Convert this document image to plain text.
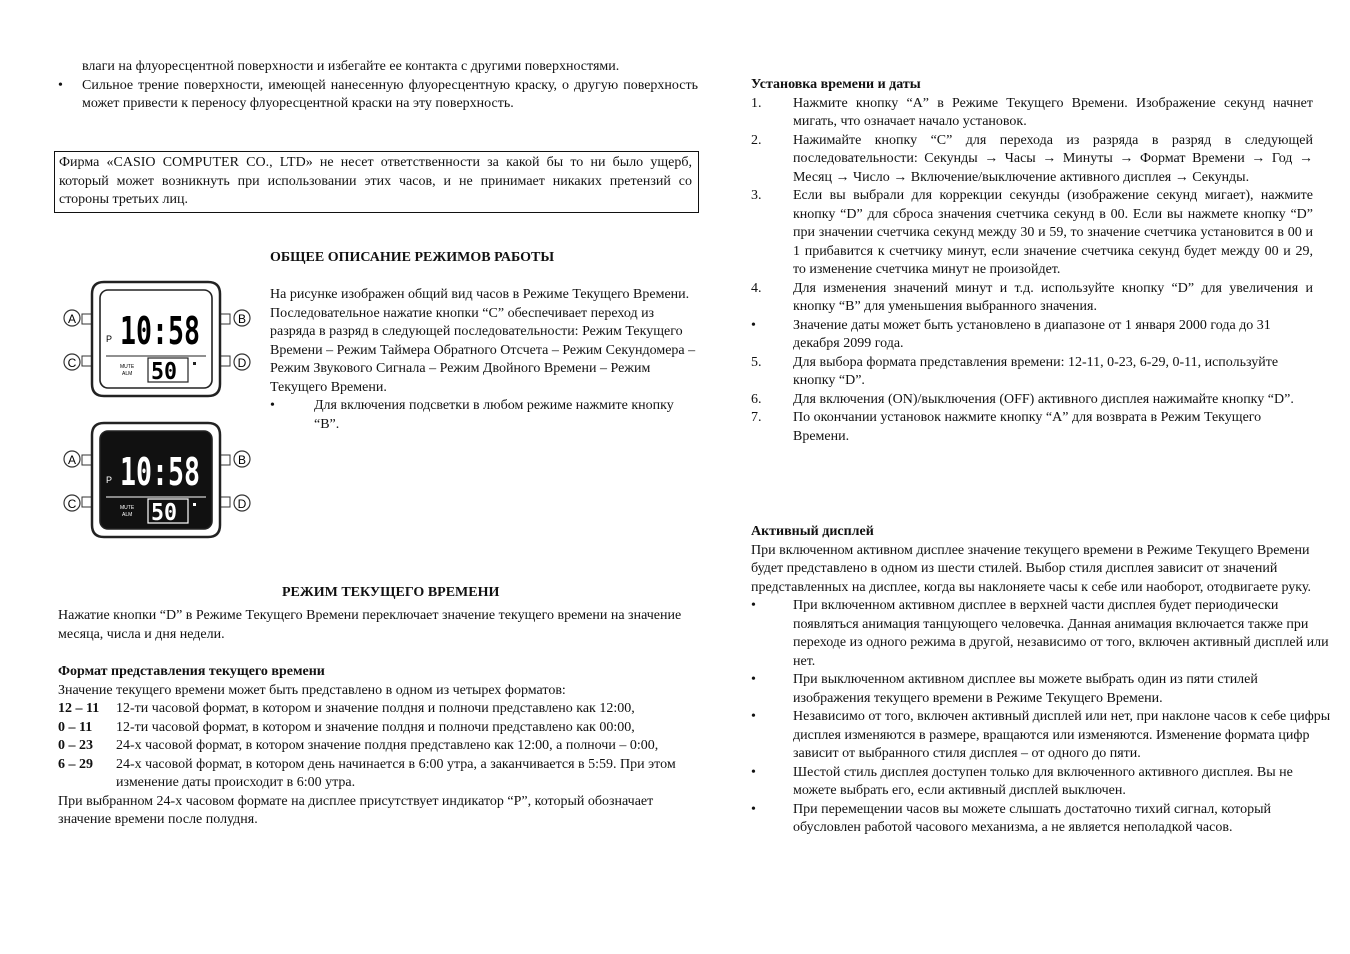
влаги на флуоресцентной поверхности и избегайте ее контакта с другими поверхностями.
• Сильное трение поверхности, имеющей нанесенную флуоресцентную краску, о другую поверхность может привести к переносу флуоресцентной краски на эту поверхность.
Фирма «CASIO COMPUTER CO., LTD» не несет ответственности за какой бы то ни было ущерб, который может возникнуть при использовании этих часов, и не принимает никаких претензий со стороны третьих лиц.
ОБЩЕЕ ОПИСАНИЕ РЕЖИМОВ РАБОТЫ
На рисунке изображен общий вид часов в Режиме Текущего Времени.
Последовательное нажатие кнопки “C” обеспечивает переход из разряда в разряд в следующей последовательности: Режим Текущего Времени – Режим Таймера Обратного Отсчета – Режим Секундомера – Режим Звукового Сигнала – Режим Двойного Времени – Режим Текущего Времени.
•	Для включения подсветки в любом режиме нажмите кнопку “B”.
A
C
B
D
P 10:58
50
MUTE
ALM
A
C
B
D
P 10:58
50
MUTE
ALM
РЕЖИМ ТЕКУЩЕГО ВРЕМЕНИ
Нажатие кнопки “D” в Режиме Текущего Времени переключает значение текущего времени на значение месяца, числа и дня недели.
Формат представления текущего времени
Значение текущего времени может быть представлено в одном из четырех форматов:
12 – 11 12-ти часовой формат, в котором и значение полдня и полночи представлено как 12:00,
0 – 11 12-ти часовой формат, в котором и значение полдня и полночи представлено как 00:00,
0 – 23 24-х часовой формат, в котором значение полдня представлено как 12:00, а полночи – 0:00,
6 – 29 24-х часовой формат, в котором день начинается в 6:00 утра, а заканчивается в 5:59. При этом изменение даты происходит в 6:00 утра.
При выбранном 24-х часовом формате на дисплее присутствует индикатор “P”, который обозначает значение времени после полудня.
Установка времени и даты
1. Нажмите кнопку “A” в Режиме Текущего Времени. Изображение секунд начнет мигать, что означает начало установок.
2. Нажимайте кнопку “C” для перехода из разряда в разряд в следующей последовательности: Секунды → Часы → Минуты → Формат Времени → Год → Месяц → Число → Включение/выключение активного дисплея → Секунды.
3. Если вы выбрали для коррекции секунды (изображение секунд мигает), нажмите кнопку “D” для сброса значения счетчика секунд в 00. Если вы нажмете кнопку “D” при значении счетчика секунд между 30 и 59, то значение счетчика установится в 00 и 1 прибавится к счетчику минут, если значение счетчика секунд будет между 00 и 29, то изменение счетчика минут не произойдет.
4. Для изменения значений минут и т.д. используйте кнопку “D” для увеличения и кнопку “B” для уменьшения выбранного значения.
•	Значение даты может быть установлено в диапазоне от 1 января 2000 года до 31 декабря 2099 года.
5. Для выбора формата представления времени: 12-11, 0-23, 6-29, 0-11, используйте кнопку “D”.
6. Для включения (ON)/выключения (OFF) активного дисплея нажимайте кнопку “D”.
7. По окончании установок нажмите кнопку “A” для возврата в Режим Текущего Времени.
Активный дисплей
При включенном активном дисплее значение текущего времени в Режиме Текущего Времени будет представлено в одном из шести стилей. Выбор стиля дисплея зависит от значений представленных на дисплее, когда вы наклоняете часы к себе или наоборот, отодвигаете руку.
•	При включенном активном дисплее в верхней части дисплея будет периодически появляться анимация танцующего человечка. Данная анимация включается также при переходе из одного режима в другой, независимо от того, включен активный дисплей или нет.
•	При выключенном активном дисплее вы можете выбрать один из пяти стилей изображения текущего времени в Режиме Текущего Времени.
•	Независимо от того, включен активный дисплей или нет, при наклоне часов к себе цифры дисплея изменяются в размере, вращаются или изменяются. Изменение формата цифр зависит от выбранного стиля дисплея – от одного до пяти.
•	Шестой стиль дисплея доступен только для включенного активного дисплея. Вы не можете выбрать его, если активный дисплей выключен.
•	При перемещении часов вы можете слышать достаточно тихий сигнал, который обусловлен работой часового механизма, а не является неполадкой часов.
